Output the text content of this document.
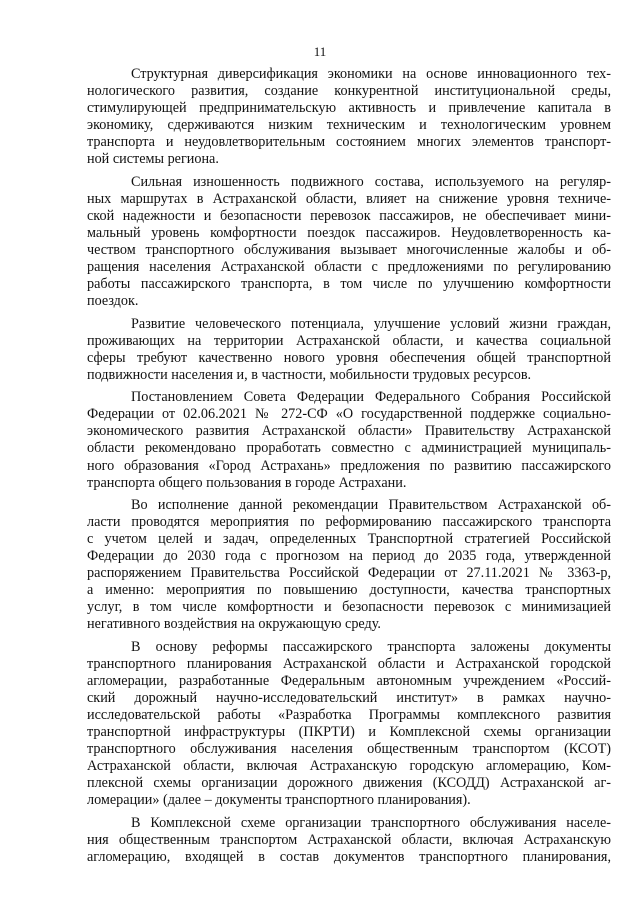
11
Структурная диверсификация экономики на основе инновационного тех-
нологического развития, создание конкурентной институциональной среды,
стимулирующей предпринимательскую активность и привлечение капитала в
экономику, сдерживаются низким техническим и технологическим уровнем
транспорта и неудовлетворительным состоянием многих элементов транспорт-
ной системы региона.
Сильная изношенность подвижного состава, используемого на регуляр-
ных маршрутах в Астраханской области, влияет на снижение уровня техниче-
ской надежности и безопасности перевозок пассажиров, не обеспечивает мини-
мальный уровень комфортности поездок пассажиров. Неудовлетворенность ка-
чеством транспортного обслуживания вызывает многочисленные жалобы и об-
ращения населения Астраханской области с предложениями по регулированию
работы пассажирского транспорта, в том числе по улучшению комфортности
поездок.
Развитие человеческого потенциала, улучшение условий жизни граждан,
проживающих на территории Астраханской области, и качества социальной
сферы требуют качественно нового уровня обеспечения общей транспортной
подвижности населения и, в частности, мобильности трудовых ресурсов.
Постановлением Совета Федерации Федерального Собрания Российской
Федерации от 02.06.2021 № 272-СФ «О государственной поддержке социально-
экономического развития Астраханской области» Правительству Астраханской
области рекомендовано проработать совместно с администрацией муниципаль-
ного образования «Город Астрахань» предложения по развитию пассажирского
транспорта общего пользования в городе Астрахани.
Во исполнение данной рекомендации Правительством Астраханской об-
ласти проводятся мероприятия по реформированию пассажирского транспорта
с учетом целей и задач, определенных Транспортной стратегией Российской
Федерации до 2030 года с прогнозом на период до 2035 года, утвержденной
распоряжением Правительства Российской Федерации от 27.11.2021 № 3363-р,
а именно: мероприятия по повышению доступности, качества транспортных
услуг, в том числе комфортности и безопасности перевозок с минимизацией
негативного воздействия на окружающую среду.
В основу реформы пассажирского транспорта заложены документы
транспортного планирования Астраханской области и Астраханской городской
агломерации, разработанные Федеральным автономным учреждением «Россий-
ский дорожный научно-исследовательский институт» в рамках научно-
исследовательской работы «Разработка Программы комплексного развития
транспортной инфраструктуры (ПКРТИ) и Комплексной схемы организации
транспортного обслуживания населения общественным транспортом (КСОТ)
Астраханской области, включая Астраханскую городскую агломерацию, Ком-
плексной схемы организации дорожного движения (КСОДД) Астраханской аг-
ломерации» (далее – документы транспортного планирования).
В Комплексной схеме организации транспортного обслуживания населе-
ния общественным транспортом Астраханской области, включая Астраханскую
агломерацию, входящей в состав документов транспортного планирования,
